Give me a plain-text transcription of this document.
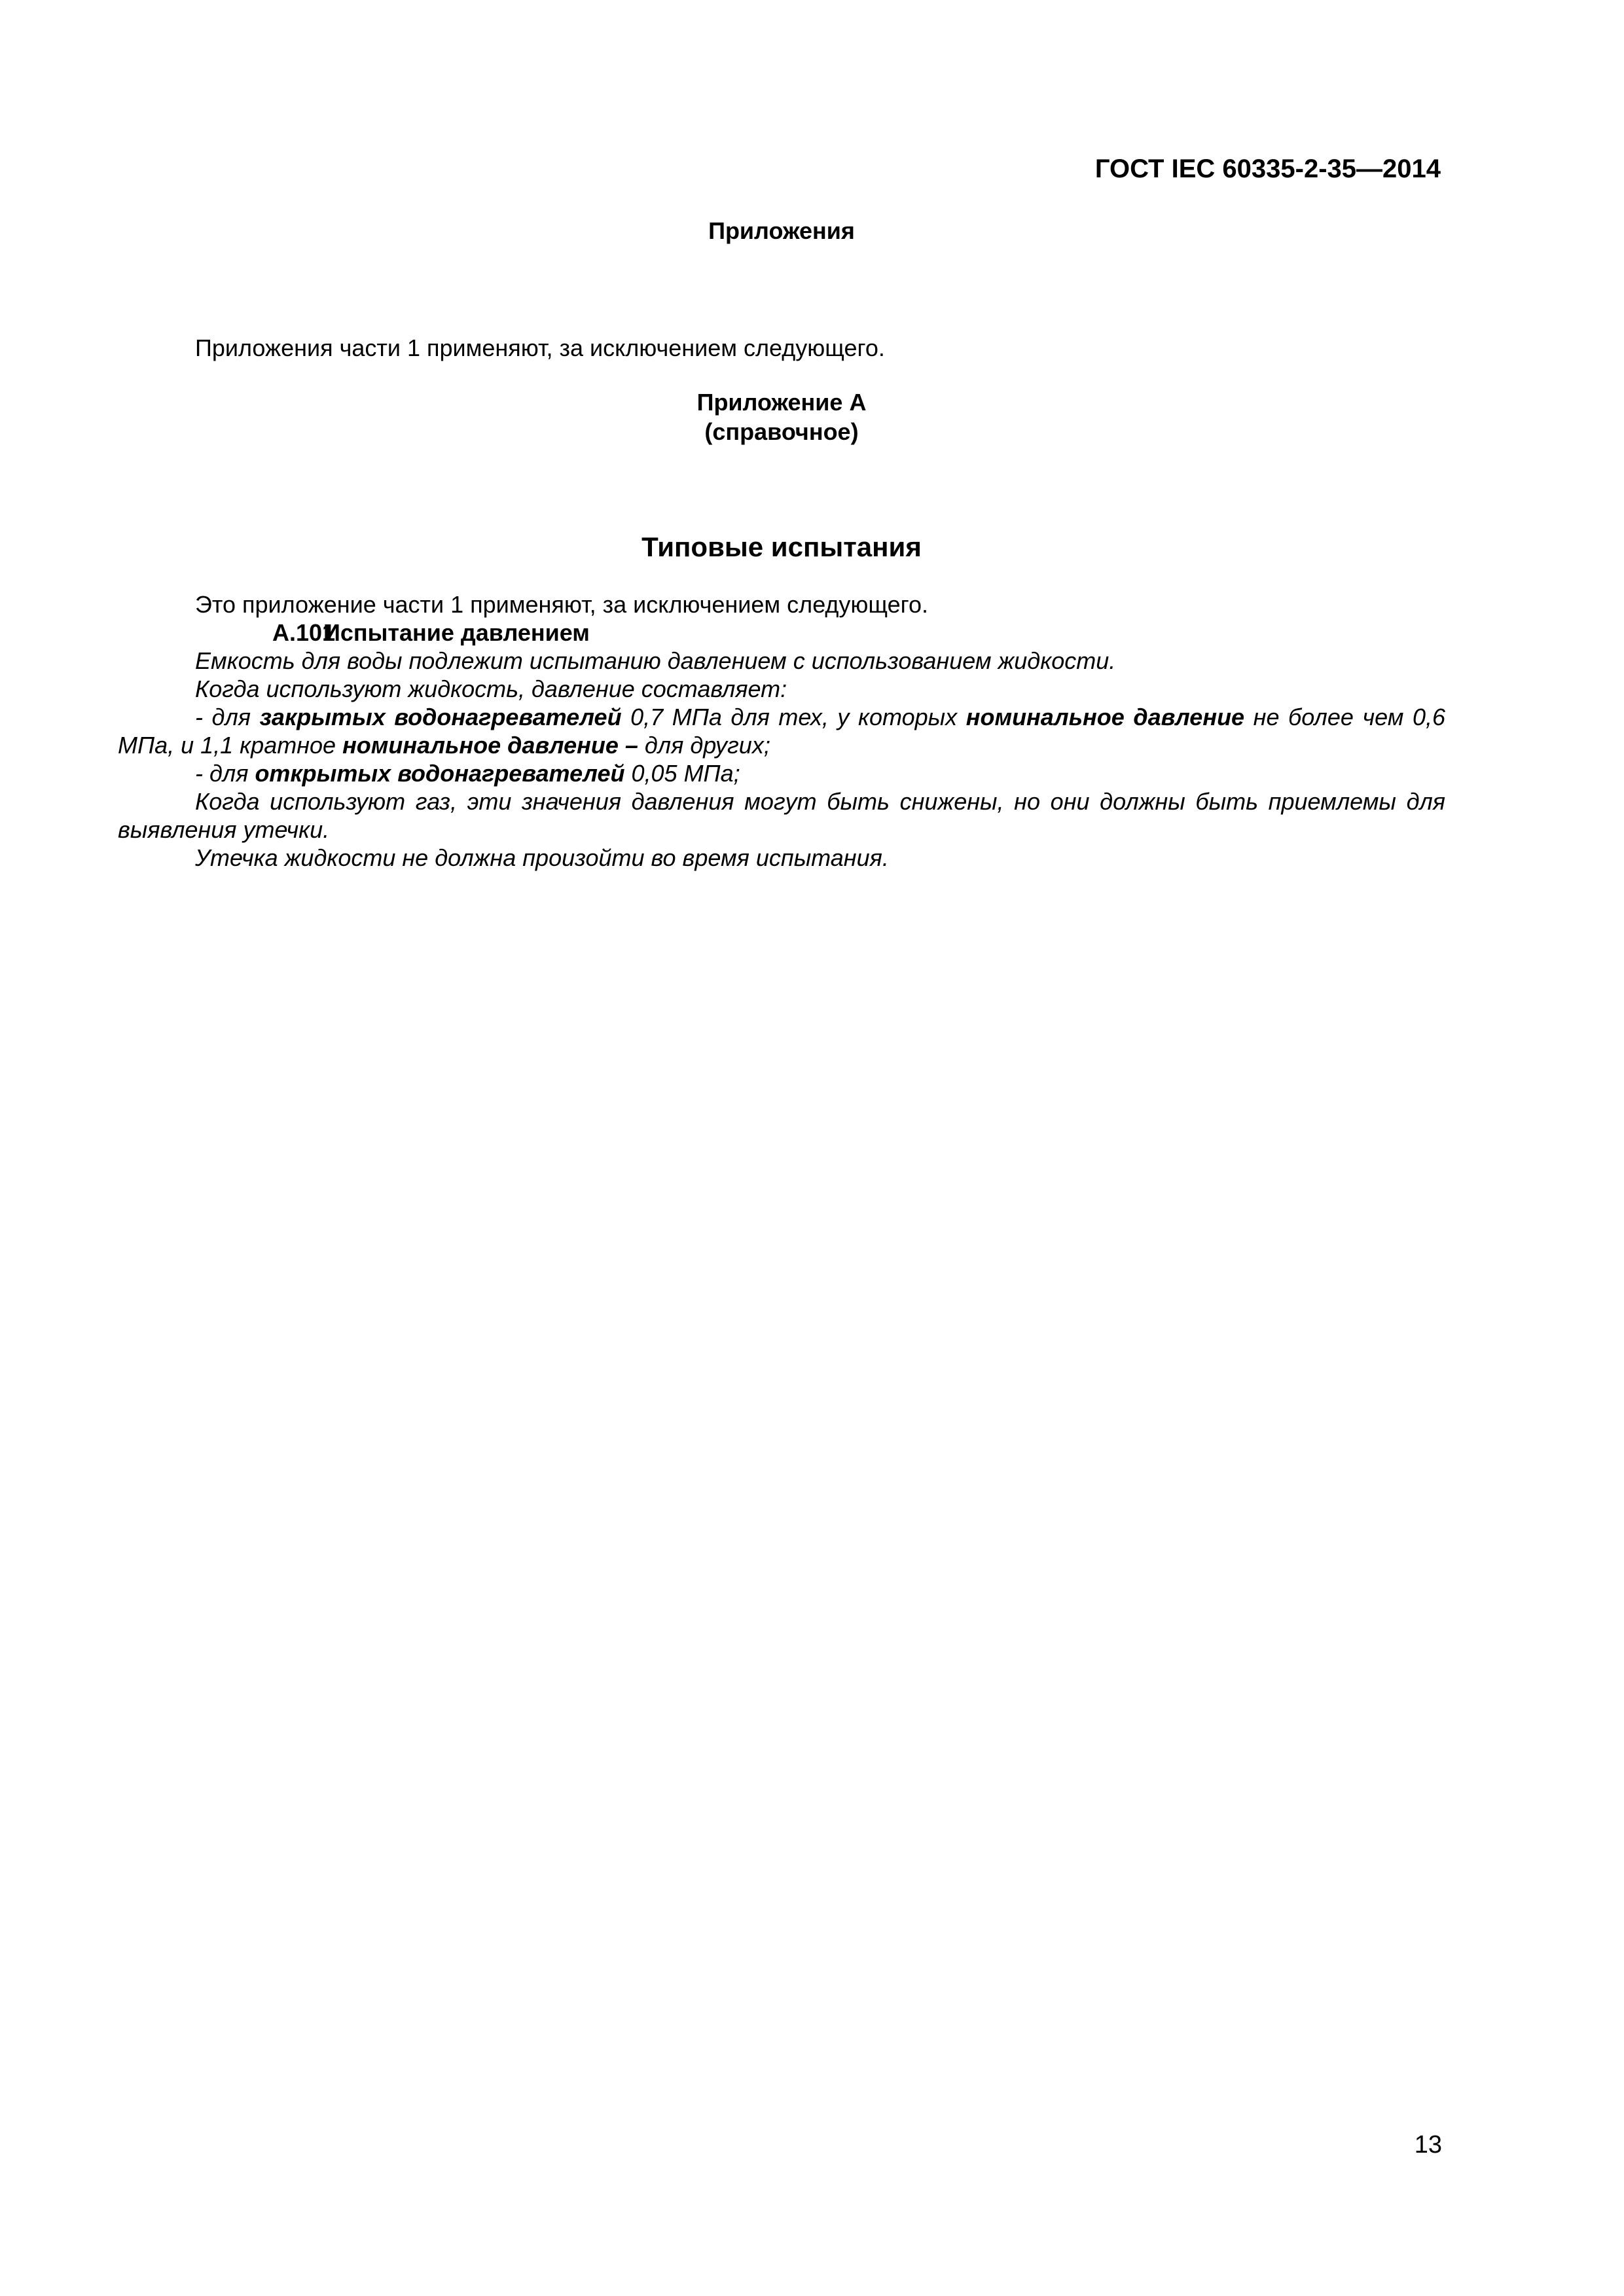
ГОСТ IEC 60335-2-35—2014
Приложения

Приложения части 1 применяют, за исключением следующего.

Приложение А
(справочное)
Типовые испытания

Это приложение части 1 применяют, за исключением следующего.

А.101Испытание давлением

Емкость для воды подлежит испытанию давлением с использованием жидкости.

Когда используют жидкость, давление составляет:

- для закрытых водонагревателей 0,7 МПа для тех, у которых номинальное давление не более чем 0,6 МПа, и 1,1 кратное номинальное давление – для других;

- для открытых водонагревателей 0,05 МПа;

Когда используют газ, эти значения давления могут быть снижены, но они должны быть приемлемы для выявления утечки.

Утечка жидкости не должна произойти во время испытания.

13
